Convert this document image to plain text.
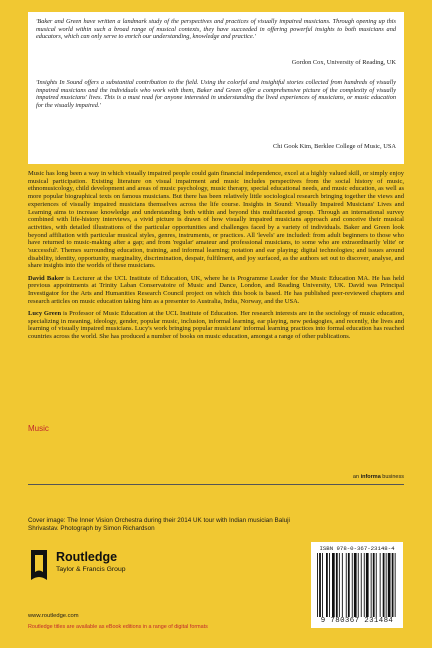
'Baker and Green have written a landmark study of the perspectives and practices of visually impaired musicians. Through opening up this musical world within such a broad range of musical contexts, they have succeeded in offering powerful insights to both musicians and educators, which can only serve to enrich our understanding, knowledge and practice.'
Gordon Cox, University of Reading, UK
'Insights In Sound offers a substantial contribution to the field. Using the colorful and insightful stories collected from hundreds of visually impaired musicians and the individuals who work with them, Baker and Green offer a comprehensive picture of the complexity of visually impaired musicians' lives. This is a must read for anyone interested in understanding the lived experiences of musicians, or music education for the visually impaired.'
Chi Gook Kim, Berklee College of Music, USA

Music has long been a way in which visually impaired people could gain financial independence, excel at a highly valued skill, or simply enjoy musical participation. Existing literature on visual impairment and music includes perspectives from the social history of music, ethnomusicology, child development and areas of music psychology, music therapy, special educational needs, and music education, as well as more popular biographical texts on famous musicians. But there has been relatively little sociological research bringing together the views and experiences of visually impaired musicians themselves across the life course. Insights in Sound: Visually Impaired Musicians' Lives and Learning aims to increase knowledge and understanding both within and beyond this multifaceted group. Through an international survey combined with life-history interviews, a vivid picture is drawn of how visually impaired musicians approach and conceive their musical activities, with detailed illustrations of the particular opportunities and challenges faced by a variety of individuals. Baker and Green look beyond affiliation with particular musical styles, genres, instruments, or practices. All 'levels' are included: from adult beginners to those who have returned to music-making after a gap; and from 'regular' amateur and professional musicians, to some who are extraordinarily 'elite' or 'successful'. Themes surrounding education, training, and informal learning; notation and ear playing; digital technologies; and issues around disability, identity, opportunity, marginality, discrimination, despair, fulfilment, and joy surfaced, as the authors set out to discover, analyse, and share insights into the worlds of these musicians.

David Baker is Lecturer at the UCL Institute of Education, UK, where he is Programme Leader for the Music Education MA. He has held previous appointments at Trinity Laban Conservatoire of Music and Dance, London, and Reading University, UK. David was Principal Investigator for the Arts and Humanities Research Council project on which this book is based. He has published peer-reviewed chapters and research articles on music education taking him as a presenter to Australia, India, Norway, and the USA.

Lucy Green is Professor of Music Education at the UCL Institute of Education. Her research interests are in the sociology of music education, specializing in meaning, ideology, gender, popular music, inclusion, informal learning, ear playing, new pedagogies, and recently, the lives and learning of visually impaired musicians. Lucy's work bringing popular musicians' informal learning practices into formal education has reached countries across the world. She has produced a number of books on music education, amongst a range of other publications.

Music
an informa business
Cover image: The Inner Vision Orchestra during their 2014 UK tour with Indian musician Baluji Shrivastav. Photograph by Simon Richardson
Routledge
Taylor & Francis Group
www.routledge.com
Routledge titles are available as eBook editions in a range of digital formats
ISBN 978-0-367-23148-4
9 780367 231484
